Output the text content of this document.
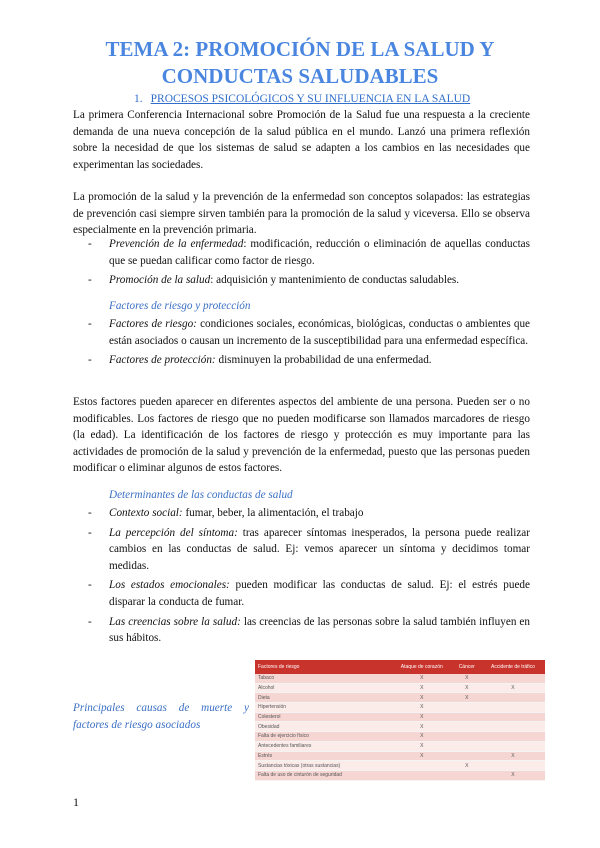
TEMA 2: PROMOCIÓN DE LA SALUD Y
CONDUCTAS SALUDABLES
1. PROCESOS PSICOLÓGICOS Y SU INFLUENCIA EN LA SALUD

La primera Conferencia Internacional sobre Promoción de la Salud fue una respuesta a la creciente demanda de una nueva concepción de la salud pública en el mundo. Lanzó una primera reflexión sobre la necesidad de que los sistemas de salud se adapten a los cambios en las necesidades que experimentan las sociedades.

La promoción de la salud y la prevención de la enfermedad son conceptos solapados: las estrategias de prevención casi siempre sirven también para la promoción de la salud y viceversa. Ello se observa especialmente en la prevención primaria.

- Prevención de la enfermedad: modificación, reducción o eliminación de aquellas conductas que se puedan calificar como factor de riesgo.
- Promoción de la salud: adquisición y mantenimiento de conductas saludables.
Factores de riesgo y protección
- Factores de riesgo: condiciones sociales, económicas, biológicas, conductas o ambientes que están asociados o causan un incremento de la susceptibilidad para una enfermedad específica.
- Factores de protección: disminuyen la probabilidad de una enfermedad.

Estos factores pueden aparecer en diferentes aspectos del ambiente de una persona. Pueden ser o no modificables. Los factores de riesgo que no pueden modificarse son llamados marcadores de riesgo (la edad). La identificación de los factores de riesgo y protección es muy importante para las actividades de promoción de la salud y prevención de la enfermedad, puesto que las personas pueden modificar o eliminar algunos de estos factores.

Determinantes de las conductas de salud
- Contexto social: fumar, beber, la alimentación, el trabajo
- La percepción del síntoma: tras aparecer síntomas inesperados, la persona puede realizar cambios en las conductas de salud. Ej: vemos aparecer un síntoma y decidimos tomar medidas.
- Los estados emocionales: pueden modificar las conductas de salud. Ej: el estrés puede disparar la conducta de fumar.
- Las creencias sobre la salud: las creencias de las personas sobre la salud también influyen en sus hábitos.
Principales causas de muerte y factores de riesgo asociados
Factores de riesgo	Ataque de corazón	Cáncer	Accidente de tráfico
Tabaco	X	X	
Alcohol	X	X	X
Dieta	X	X	
Hipertensión	X		
Colesterol	X		
Obesidad	X		
Falta de ejercicio físico	X		
Antecedentes familiares	X		
Estrés	X		X
Sustancias tóxicas (otras sustancias)		X	
Falta de uso de cinturón de seguridad			X
1
